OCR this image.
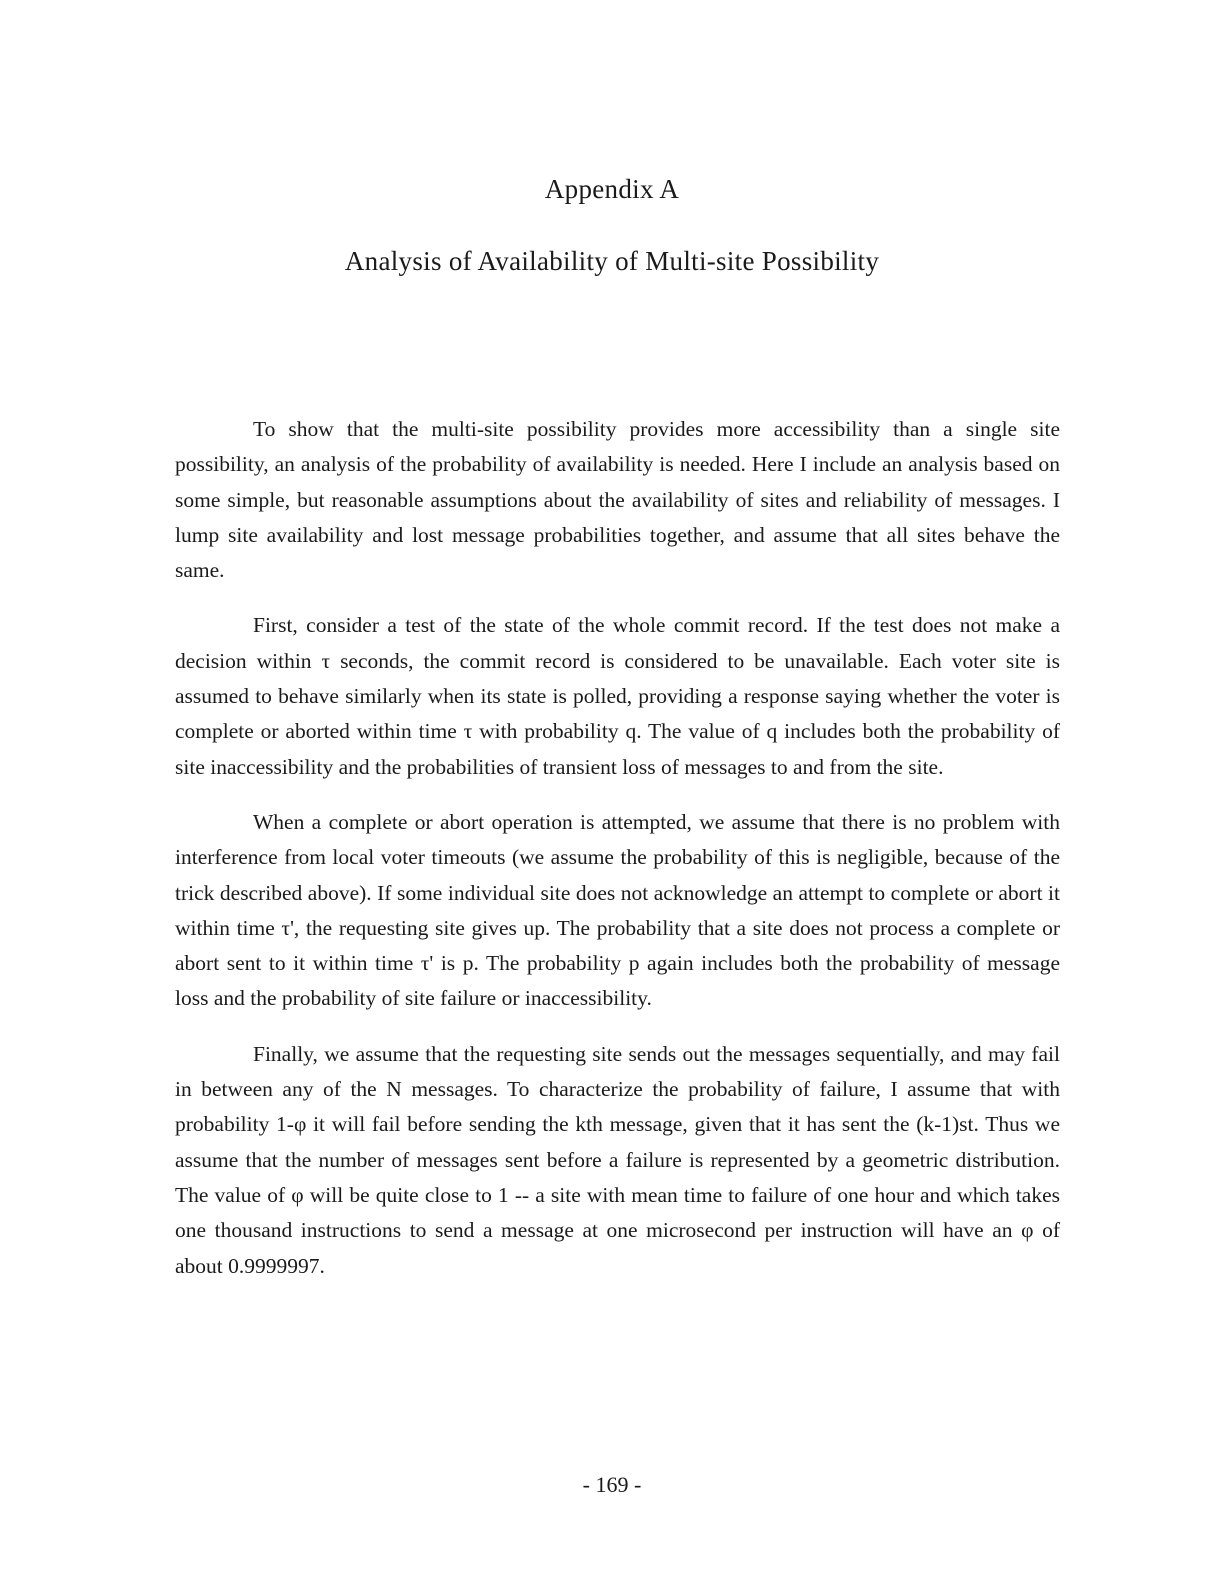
Appendix A
Analysis of Availability of Multi-site Possibility

To show that the multi-site possibility provides more accessibility than a single site possibility, an analysis of the probability of availability is needed. Here I include an analysis based on some simple, but reasonable assumptions about the availability of sites and reliability of messages. I lump site availability and lost message probabilities together, and assume that all sites behave the same.

First, consider a test of the state of the whole commit record. If the test does not make a decision within τ seconds, the commit record is considered to be unavailable. Each voter site is assumed to behave similarly when its state is polled, providing a response saying whether the voter is complete or aborted within time τ with probability q. The value of q includes both the probability of site inaccessibility and the probabilities of transient loss of messages to and from the site.

When a complete or abort operation is attempted, we assume that there is no problem with interference from local voter timeouts (we assume the probability of this is negligible, because of the trick described above). If some individual site does not acknowledge an attempt to complete or abort it within time τ', the requesting site gives up. The probability that a site does not process a complete or abort sent to it within time τ' is p. The probability p again includes both the probability of message loss and the probability of site failure or inaccessibility.

Finally, we assume that the requesting site sends out the messages sequentially, and may fail in between any of the N messages. To characterize the probability of failure, I assume that with probability 1-φ it will fail before sending the kth message, given that it has sent the (k-1)st. Thus we assume that the number of messages sent before a failure is represented by a geometric distribution. The value of φ will be quite close to 1 -- a site with mean time to failure of one hour and which takes one thousand instructions to send a message at one microsecond per instruction will have an φ of about 0.9999997.

- 169 -
